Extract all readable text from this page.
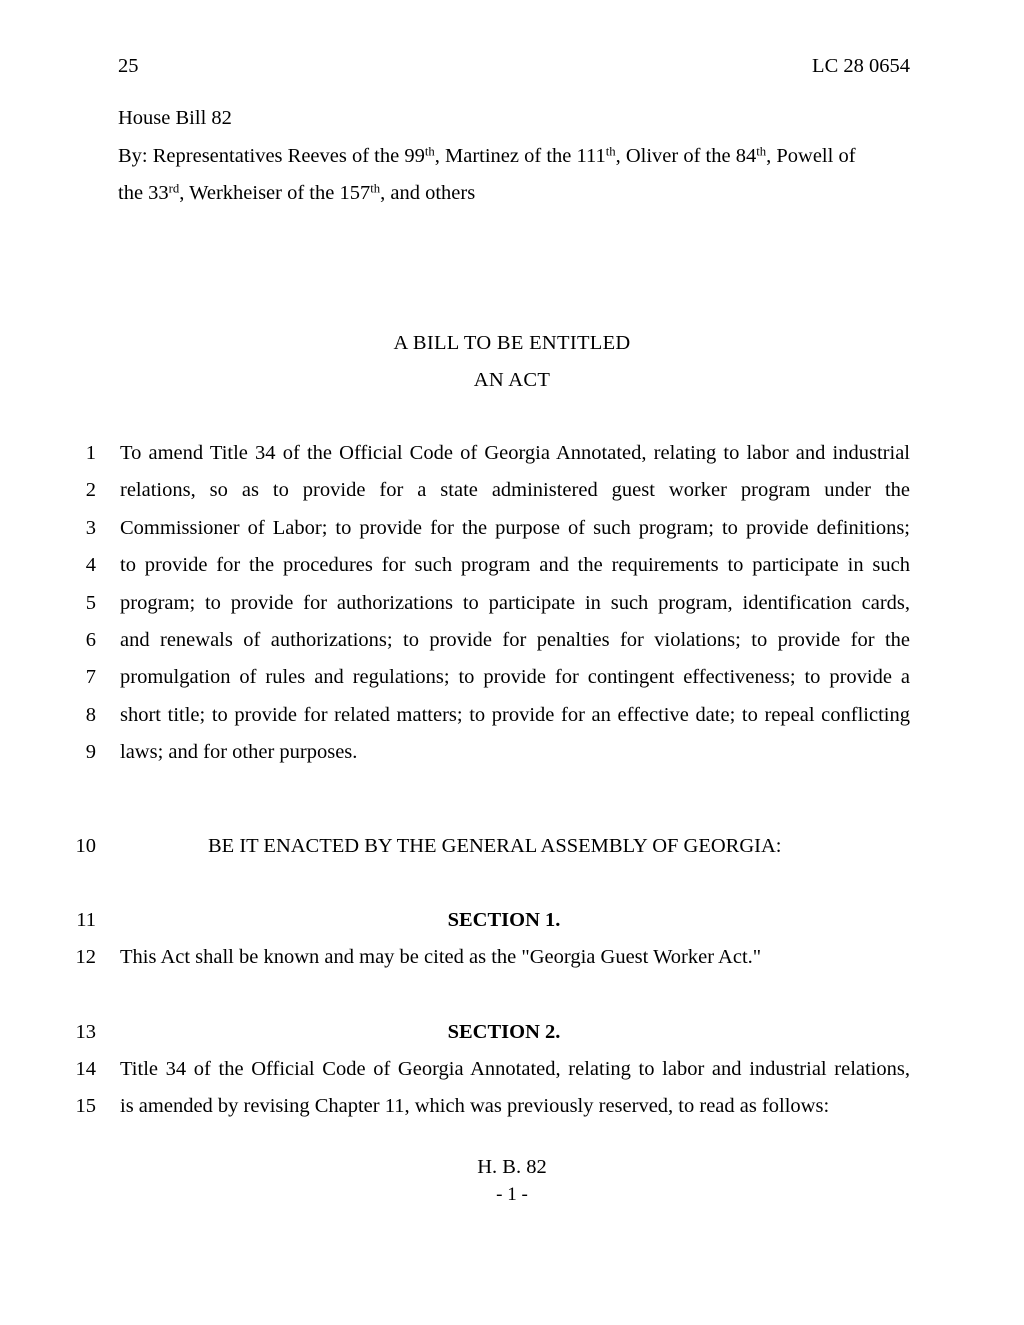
25	LC 28 0654
House Bill 82
By: Representatives Reeves of the 99th, Martinez of the 111th, Oliver of the 84th, Powell of
the 33rd, Werkheiser of the 157th, and others
A BILL TO BE ENTITLED
AN ACT
1 To amend Title 34 of the Official Code of Georgia Annotated, relating to labor and industrial
2 relations, so as to provide for a state administered guest worker program under the
3 Commissioner of Labor; to provide for the purpose of such program; to provide definitions;
4 to provide for the procedures for such program and the requirements to participate in such
5 program; to provide for authorizations to participate in such program, identification cards,
6 and renewals of authorizations; to provide for penalties for violations; to provide for the
7 promulgation of rules and regulations; to provide for contingent effectiveness; to provide a
8 short title; to provide for related matters; to provide for an effective date; to repeal conflicting
9 laws; and for other purposes.
10	BE IT ENACTED BY THE GENERAL ASSEMBLY OF GEORGIA:
11	SECTION 1.
12 This Act shall be known and may be cited as the "Georgia Guest Worker Act."
13	SECTION 2.
14 Title 34 of the Official Code of Georgia Annotated, relating to labor and industrial relations,
15 is amended by revising Chapter 11, which was previously reserved, to read as follows:
H. B. 82
- 1 -
